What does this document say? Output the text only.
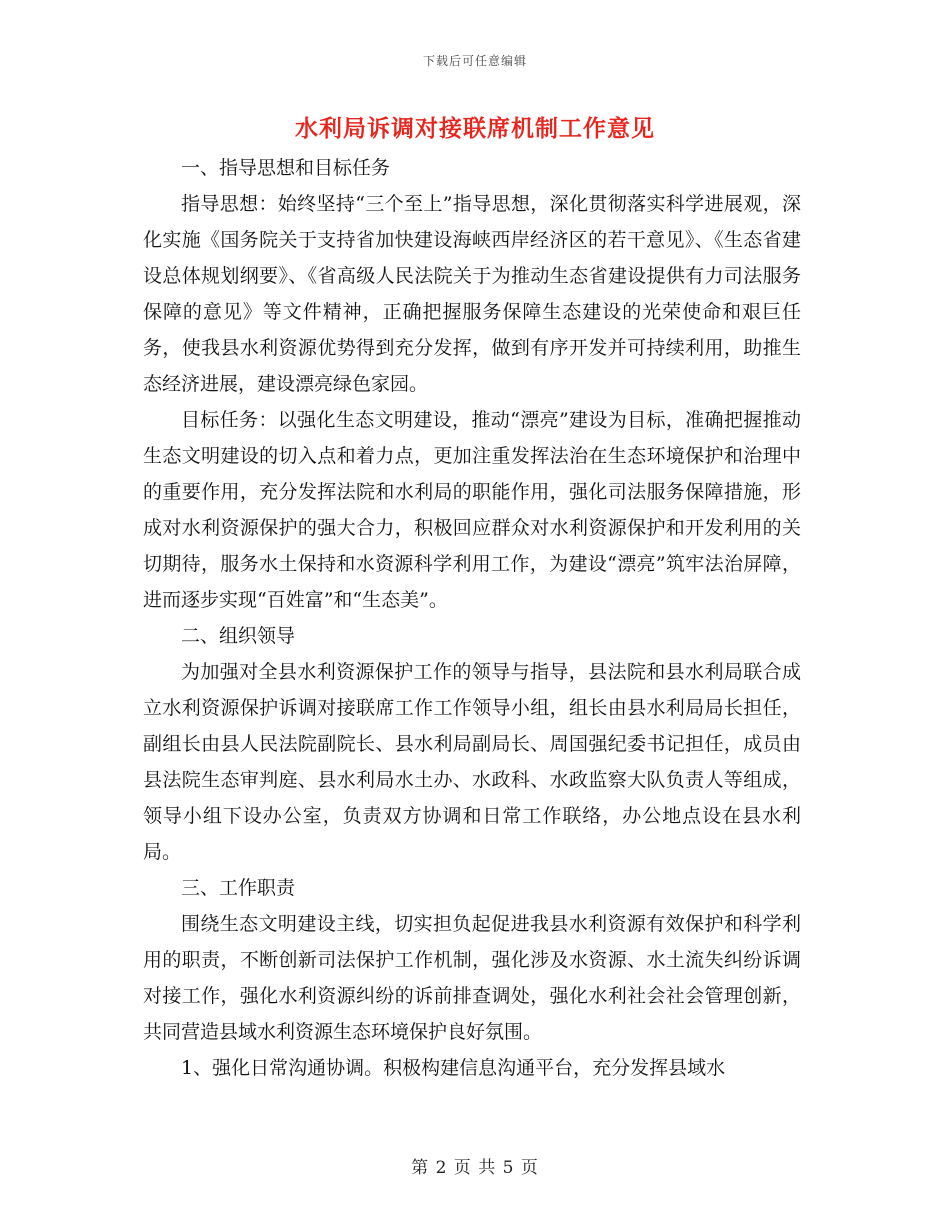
下载后可任意编辑
水利局诉调对接联席机制工作意见

一、指导思想和目标任务

指导思想：始终坚持“三个至上”指导思想，深化贯彻落实科学进展观，深化实施《国务院关于支持省加快建设海峡西岸经济区的若干意见》、《生态省建设总体规划纲要》、《省高级人民法院关于为推动生态省建设提供有力司法服务保障的意见》等文件精神，正确把握服务保障生态建设的光荣使命和艰巨任务，使我县水利资源优势得到充分发挥，做到有序开发并可持续利用，助推生态经济进展，建设漂亮绿色家园。

目标任务：以强化生态文明建设，推动“漂亮”建设为目标，准确把握推动生态文明建设的切入点和着力点，更加注重发挥法治在生态环境保护和治理中的重要作用，充分发挥法院和水利局的职能作用，强化司法服务保障措施，形成对水利资源保护的强大合力，积极回应群众对水利资源保护和开发利用的关切期待，服务水土保持和水资源科学利用工作，为建设“漂亮”筑牢法治屏障，进而逐步实现“百姓富”和“生态美”。

二、组织领导

为加强对全县水利资源保护工作的领导与指导，县法院和县水利局联合成立水利资源保护诉调对接联席工作工作领导小组，组长由县水利局局长担任，副组长由县人民法院副院长、县水利局副局长、周国强纪委书记担任，成员由县法院生态审判庭、县水利局水土办、水政科、水政监察大队负责人等组成，领导小组下设办公室，负责双方协调和日常工作联络，办公地点设在县水利局。

三、工作职责

围绕生态文明建设主线，切实担负起促进我县水利资源有效保护和科学利用的职责，不断创新司法保护工作机制，强化涉及水资源、水土流失纠纷诉调对接工作，强化水利资源纠纷的诉前排查调处，强化水利社会社会管理创新，共同营造县域水利资源生态环境保护良好氛围。

1、强化日常沟通协调。积极构建信息沟通平台，充分发挥县域水

第 2 页 共 5 页
